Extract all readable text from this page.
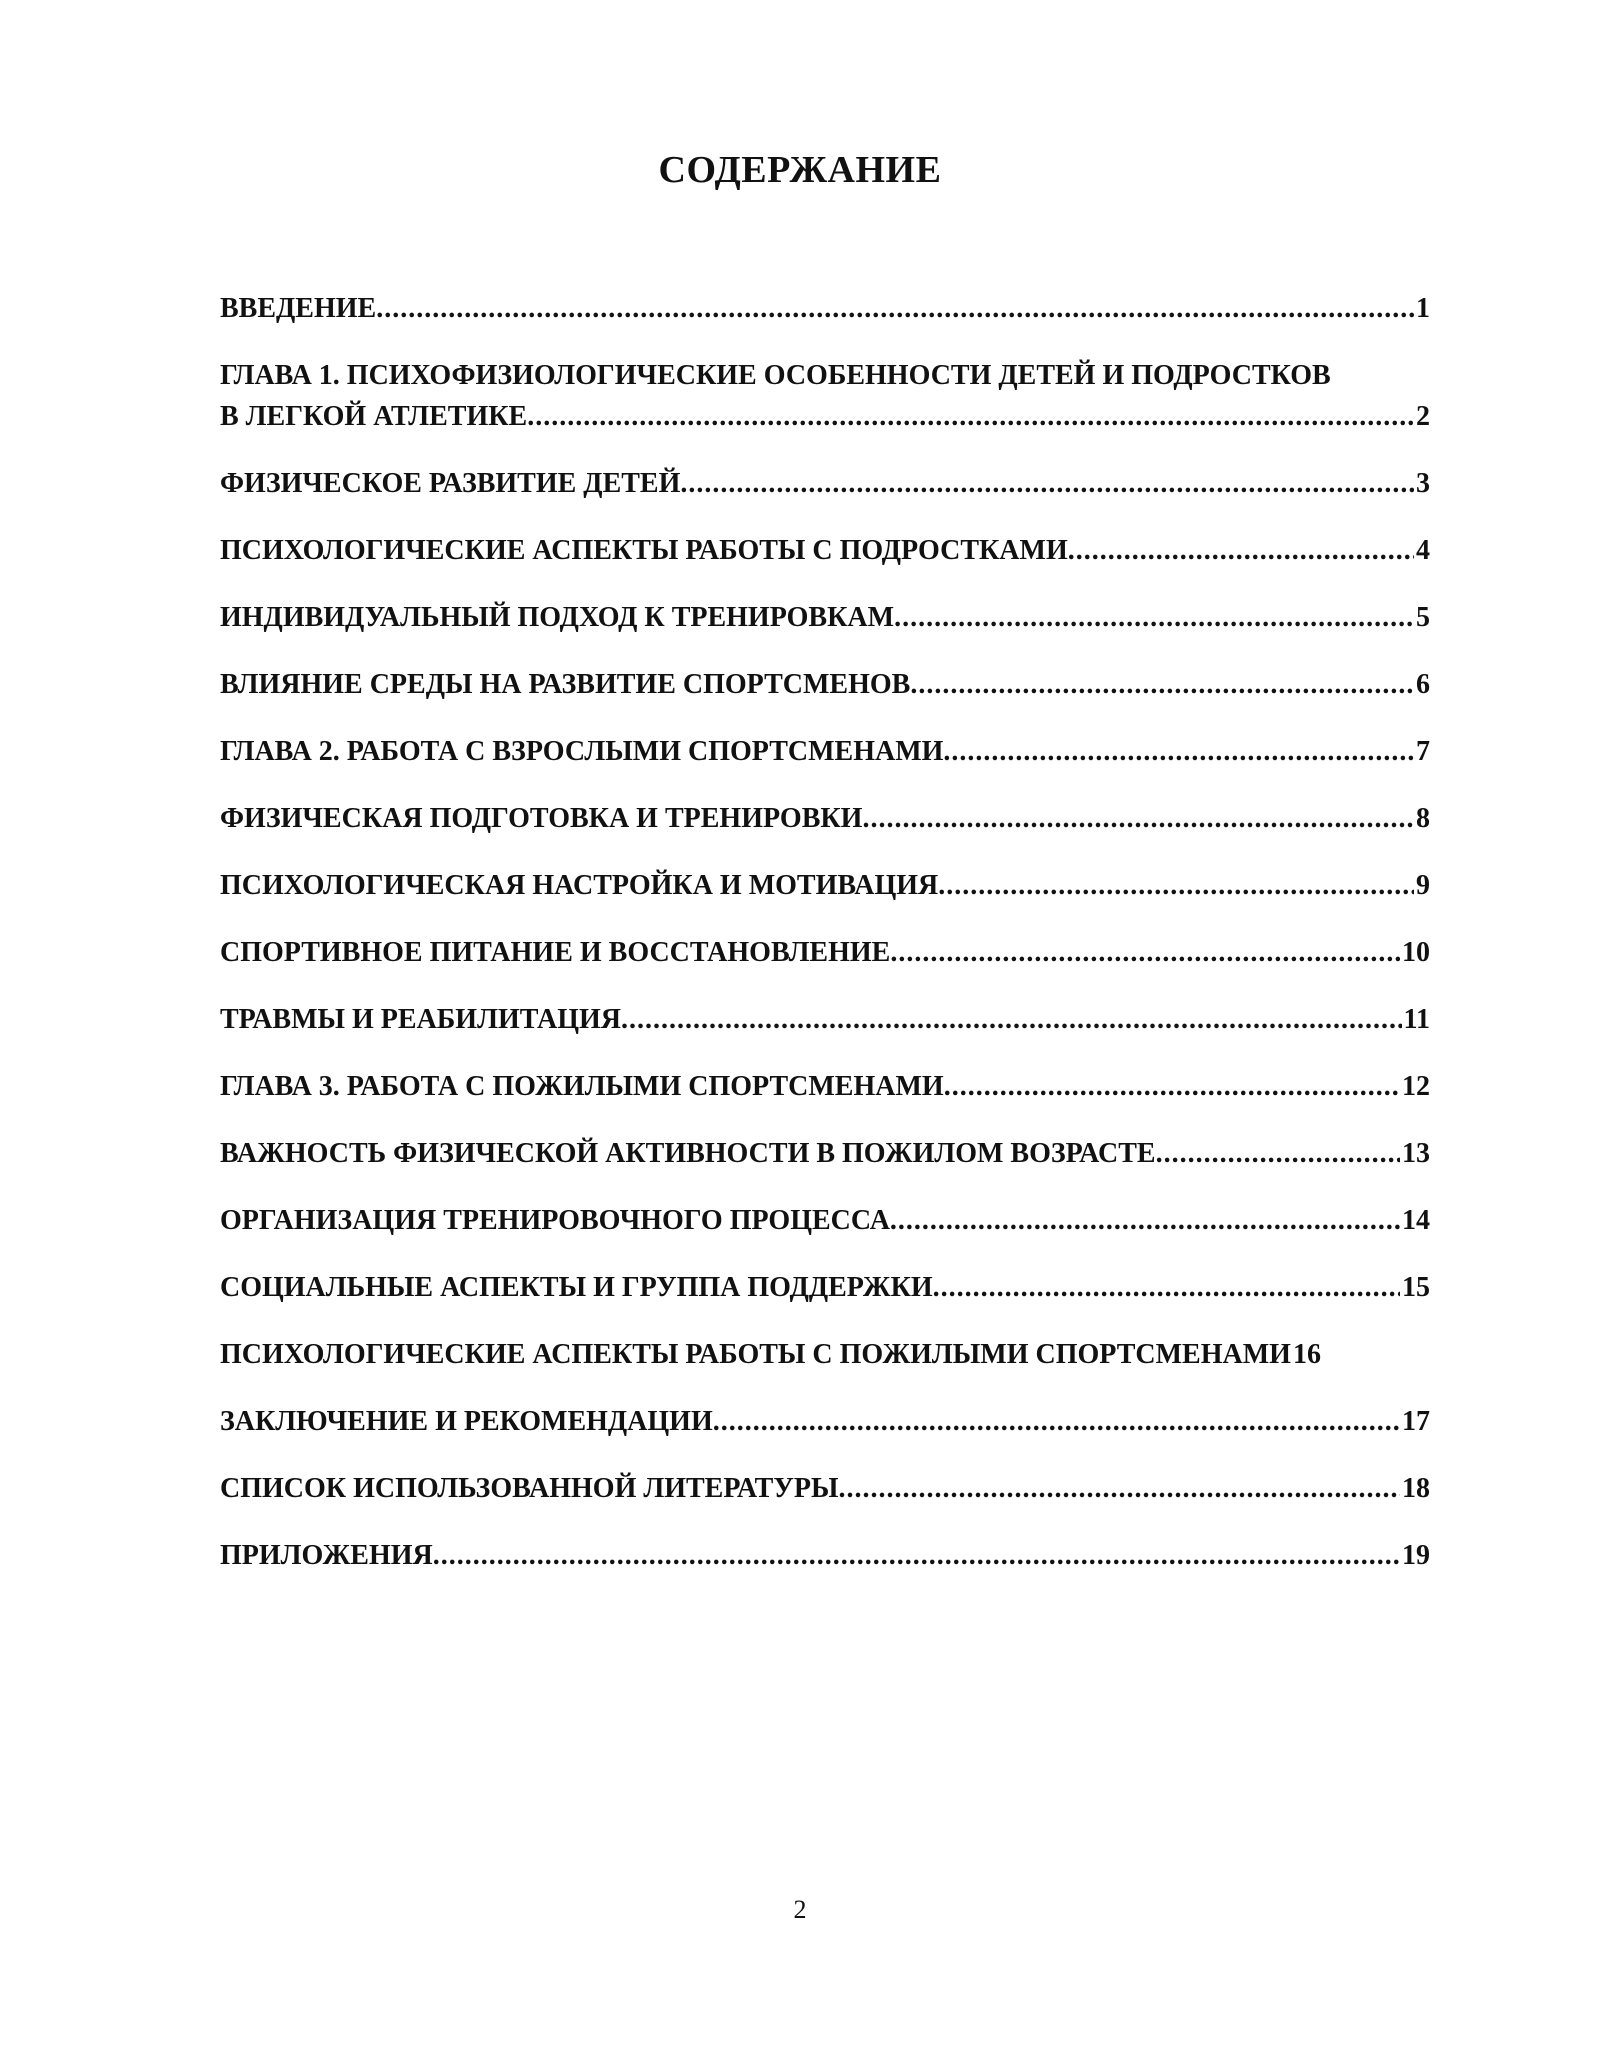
СОДЕРЖАНИЕ
ВВЕДЕНИЕ .....	1
ГЛАВА 1. ПСИХОФИЗИОЛОГИЧЕСКИЕ ОСОБЕННОСТИ ДЕТЕЙ И ПОДРОСТКОВ
В ЛЕГКОЙ АТЛЕТИКЕ .....	2
ФИЗИЧЕСКОЕ РАЗВИТИЕ ДЕТЕЙ .....	3
ПСИХОЛОГИЧЕСКИЕ АСПЕКТЫ РАБОТЫ С ПОДРОСТКАМИ .....	4
ИНДИВИДУАЛЬНЫЙ ПОДХОД К ТРЕНИРОВКАМ .....	5
ВЛИЯНИЕ СРЕДЫ НА РАЗВИТИЕ СПОРТСМЕНОВ .....	6
ГЛАВА 2. РАБОТА С ВЗРОСЛЫМИ СПОРТСМЕНАМИ .....	7
ФИЗИЧЕСКАЯ ПОДГОТОВКА И ТРЕНИРОВКИ .....	8
ПСИХОЛОГИЧЕСКАЯ НАСТРОЙКА И МОТИВАЦИЯ .....	9
СПОРТИВНОЕ ПИТАНИЕ И ВОССТАНОВЛЕНИЕ .....	10
ТРАВМЫ И РЕАБИЛИТАЦИЯ .....	11
ГЛАВА 3. РАБОТА С ПОЖИЛЫМИ СПОРТСМЕНАМИ .....	12
ВАЖНОСТЬ ФИЗИЧЕСКОЙ АКТИВНОСТИ В ПОЖИЛОМ ВОЗРАСТЕ .....	13
ОРГАНИЗАЦИЯ ТРЕНИРОВОЧНОГО ПРОЦЕССА .....	14
СОЦИАЛЬНЫЕ АСПЕКТЫ И ГРУППА ПОДДЕРЖКИ .....	15
ПСИХОЛОГИЧЕСКИЕ АСПЕКТЫ РАБОТЫ С ПОЖИЛЫМИ СПОРТСМЕНАМИ 16
ЗАКЛЮЧЕНИЕ И РЕКОМЕНДАЦИИ .....	17
СПИСОК ИСПОЛЬЗОВАННОЙ ЛИТЕРАТУРЫ .....	18
ПРИЛОЖЕНИЯ .....	19
2
